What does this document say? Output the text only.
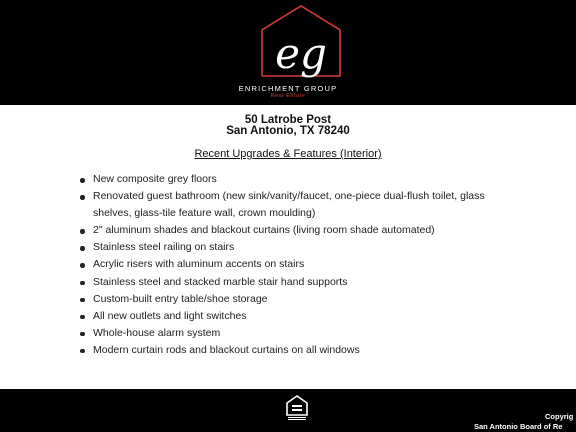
eg
ENRICHMENT GROUP
Real Estate
50 Latrobe Post
San Antonio, TX 78240
Recent Upgrades & Features (Interior)
New composite grey floors
Renovated guest bathroom (new sink/vanity/faucet, one-piece dual-flush toilet, glass shelves, glass-tile feature wall, crown moulding)
2" aluminum shades and blackout curtains (living room shade automated)
Stainless steel railing on stairs
Acrylic risers with aluminum accents on stairs
Stainless steel and stacked marble stair hand supports
Custom-built entry table/shoe storage
All new outlets and light switches
Whole-house alarm system
Modern curtain rods and blackout curtains on all windows
Copyrig
San Antonio Board of Re
